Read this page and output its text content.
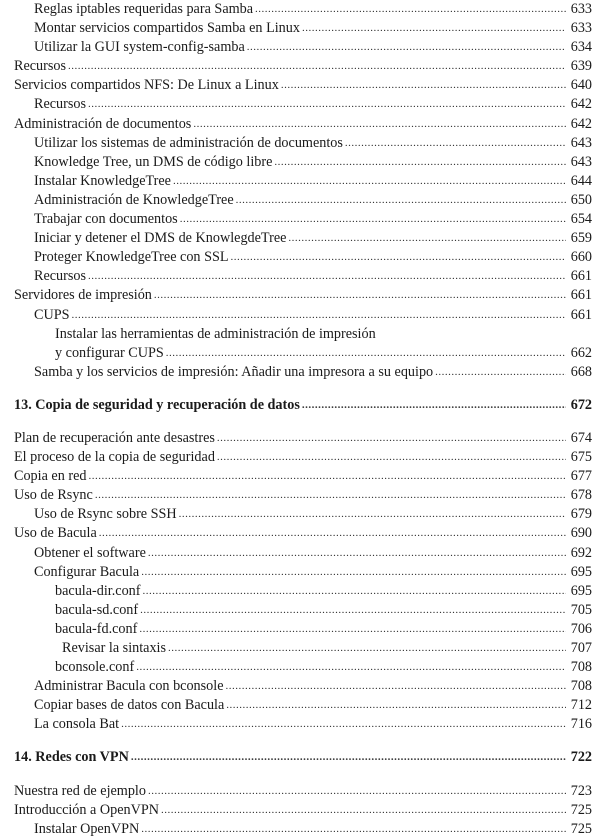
Reglas iptables requeridas para Samba .....	633
Montar servicios compartidos Samba en Linux .....	633
Utilizar la GUI system-config-samba .....	634
Recursos .....	639
Servicios compartidos NFS: De Linux a Linux .....	640
Recursos .....	642
Administración de documentos .....	642
Utilizar los sistemas de administración de documentos .....	643
Knowledge Tree, un DMS de código libre .....	643
Instalar KnowledgeTree .....	644
Administración de KnowledgeTree .....	650
Trabajar con documentos .....	654
Iniciar y detener el DMS de KnowlegdeTree .....	659
Proteger KnowledgeTree con SSL .....	660
Recursos .....	661
Servidores de impresión .....	661
CUPS .....	661
Instalar las herramientas de administración de impresión
y configurar CUPS .....	662
Samba y los servicios de impresión: Añadir una impresora a su equipo .....	668
13. Copia de seguridad y recuperación de datos .....	672
Plan de recuperación ante desastres .....	674
El proceso de la copia de seguridad .....	675
Copia en red .....	677
Uso de Rsync .....	678
Uso de Rsync sobre SSH .....	679
Uso de Bacula .....	690
Obtener el software .....	692
Configurar Bacula .....	695
bacula-dir.conf .....	695
bacula-sd.conf .....	705
bacula-fd.conf .....	706
Revisar la sintaxis .....	707
bconsole.conf .....	708
Administrar Bacula con bconsole .....	708
Copiar bases de datos con Bacula .....	712
La consola Bat .....	716
14. Redes con VPN .....	722
Nuestra red de ejemplo .....	723
Introducción a OpenVPN .....	725
Instalar OpenVPN .....	725
